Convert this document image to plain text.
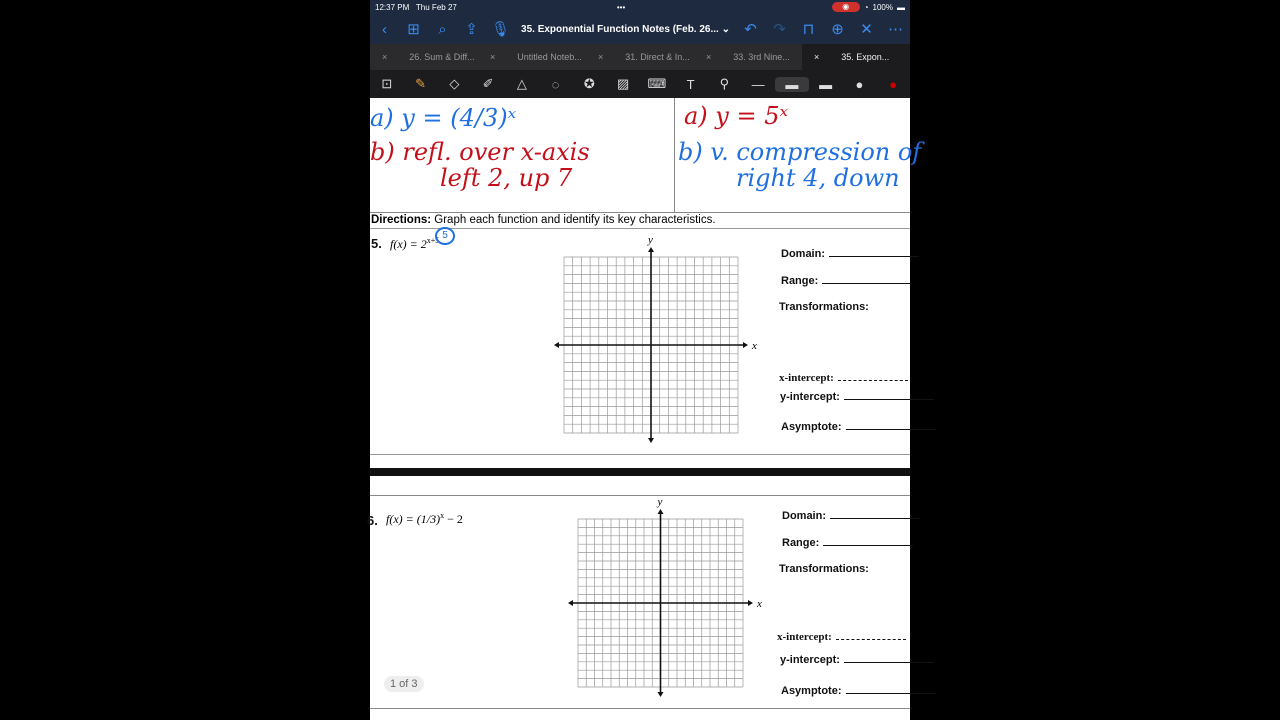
12:37 PM
Thu Feb 27	•••	◉	◔ 100% ▬
‹	⊞	⌕	⇪ 🎙	35. Exponential Function Notes (Feb. 26... ⌄ ↶	↷	⊓	⊕	✕	⋯
× 26. Sum & Diff... × Untitled Noteb... × 31. Direct & In... × 33. 3rd Nine...	× 35. Expon...
⊡	✎	◇	✐	△	◌	✪	▨	⌨	T	⚲	—	▬	▬	●	●
a) y = (4/3)ˣ
b) refl. over x-axis
left 2, up 7
a) y = 5ˣ
b) v. compression of
right 4, down
Directions: Graph each function and identify its key characteristics.
5. $f(x) = 2^{x+5}$ 5
x
y
Domain:
Range:
Transformations:
x-intercept:
y-intercept:
Asymptote:
6. $f(x) = (1/3)^x - 2$
x
y
Domain:
Range:
Transformations:
x-intercept:
y-intercept:
Asymptote:
1 of 3
